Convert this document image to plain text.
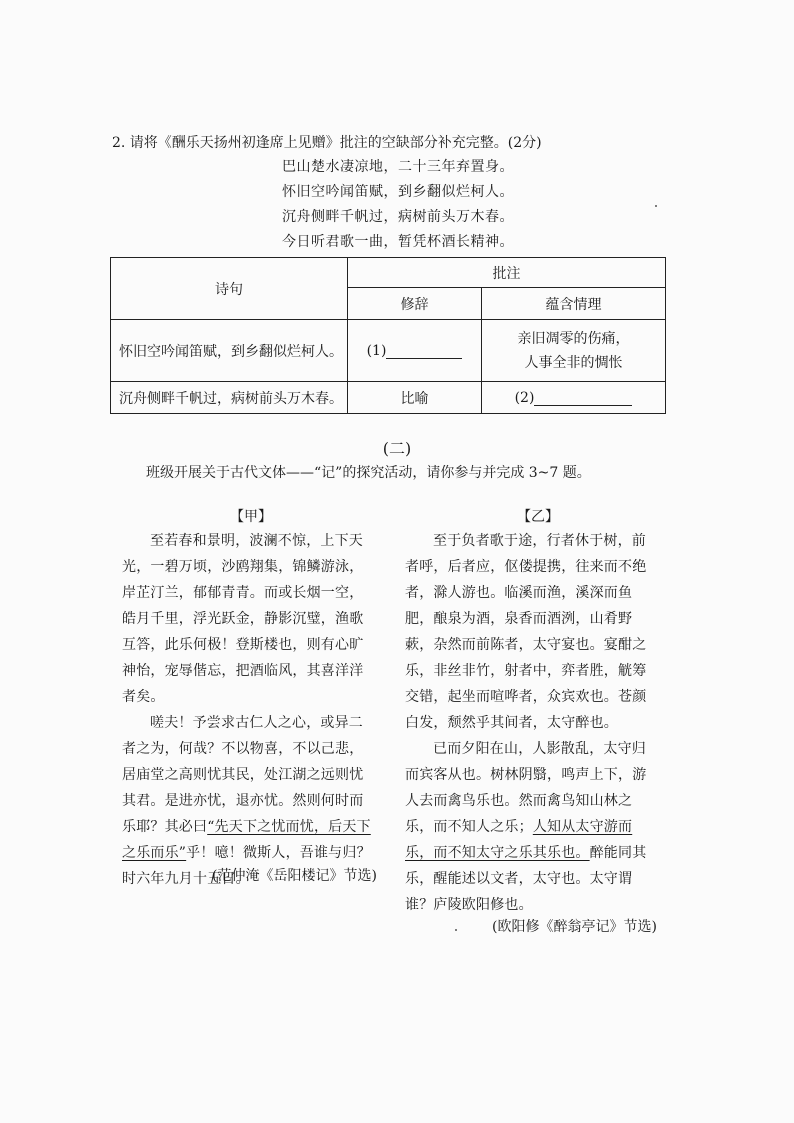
2. 请将《酬乐天扬州初逢席上见赠》批注的空缺部分补充完整。(2分)
巴山楚水凄凉地，二十三年弃置身。
怀旧空吟闻笛赋，到乡翻似烂柯人。
沉舟侧畔千帆过，病树前头万木春。
今日听君歌一曲，暂凭杯酒长精神。
诗句	批注	
	修辞	蕴含情理
怀旧空吟闻笛赋，到乡翻似烂柯人。	(1)	亲旧凋零的伤痛，
人事全非的惆怅

沉舟侧畔千帆过，病树前头万木春。	比喻	(2)
(二)
班级开展关于古代文体——“记”的探究活动，请你参与并完成 3~7 题。
【甲】	【乙】

至若春和景明，波澜不惊，上下天光，一碧万顷，沙鸥翔集，锦鳞游泳，岸芷汀兰，郁郁青青。而或长烟一空，皓月千里，浮光跃金，静影沉璧，渔歌互答，此乐何极！登斯楼也，则有心旷神怡，宠辱偕忘，把酒临风，其喜洋洋者矣。

嗟夫！予尝求古仁人之心，或异二者之为，何哉？不以物喜，不以己悲，居庙堂之高则忧其民，处江湖之远则忧其君。是进亦忧，退亦忧。然则何时而乐耶？其必曰“先天下之忧而忧，后天下之乐而乐”乎！噫！微斯人，吾谁与归？时六年九月十五日。

(范仲淹《岳阳楼记》节选)

至于负者歌于途，行者休于树，前者呼，后者应，伛偻提携，往来而不绝者，滁人游也。临溪而渔，溪深而鱼肥，酿泉为酒，泉香而酒洌，山肴野蔌，杂然而前陈者，太守宴也。宴酣之乐，非丝非竹，射者中，弈者胜，觥筹交错，起坐而喧哗者，众宾欢也。苍颜白发，颓然乎其间者，太守醉也。

已而夕阳在山，人影散乱，太守归而宾客从也。树林阴翳，鸣声上下，游人去而禽鸟乐也。然而禽鸟知山林之乐，而不知人之乐；人知从太守游而乐，而不知太守之乐其乐也。醉能同其乐，醒能述以文者，太守也。太守谓谁？庐陵欧阳修也。

(欧阳修《醉翁亭记》节选)
